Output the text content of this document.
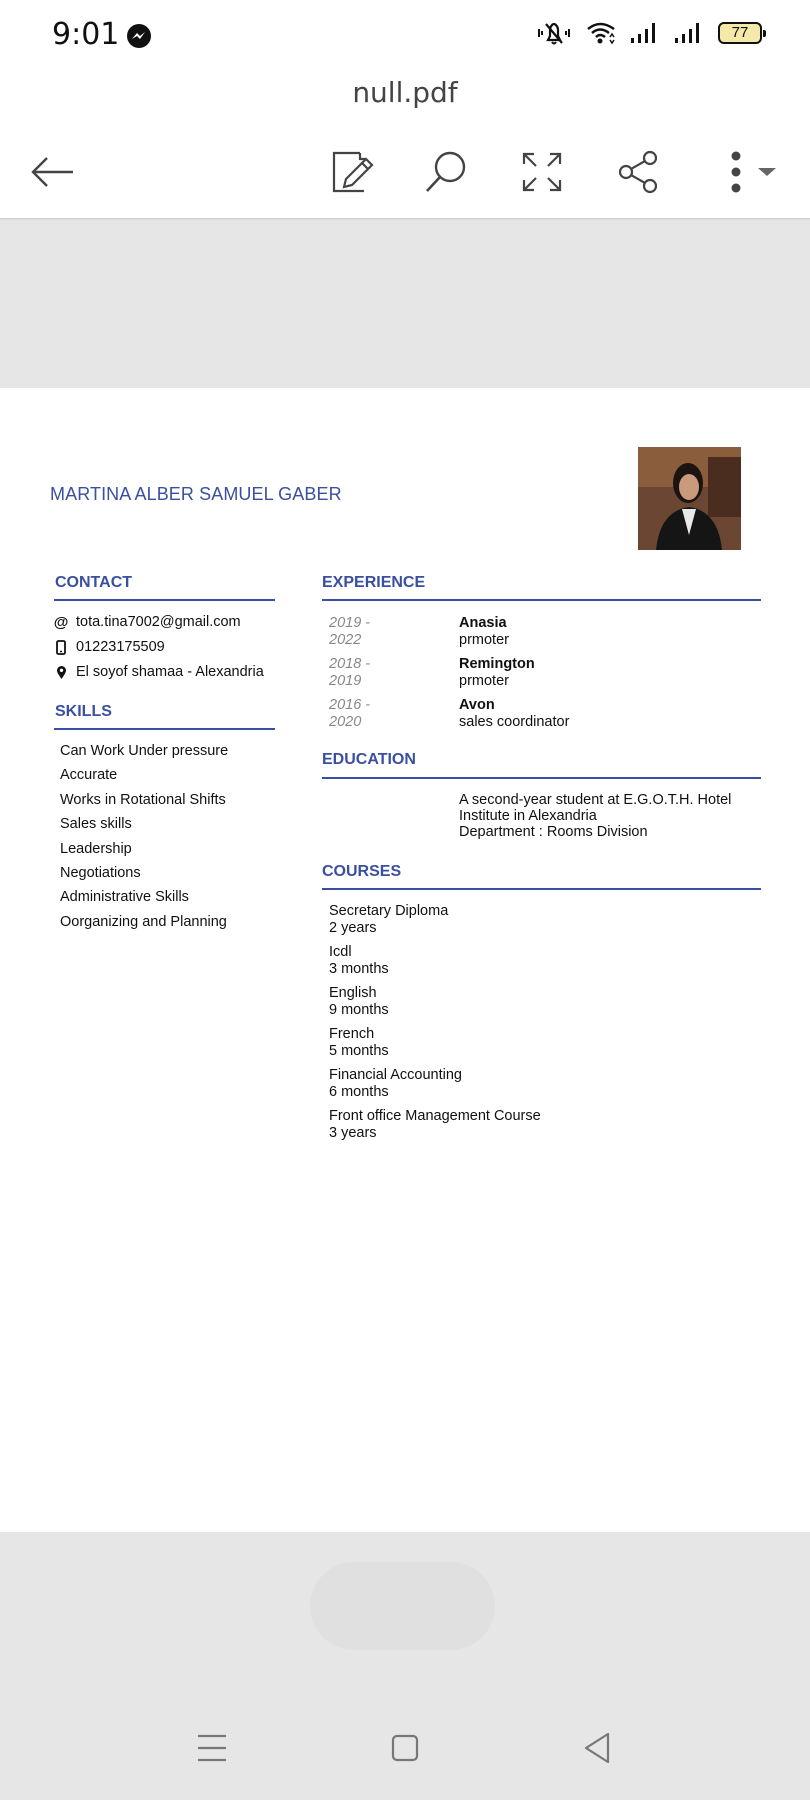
9:01	77
null.pdf
MARTINA ALBER SAMUEL GABER
CONTACT
@ tota.tina7002@gmail.com
01223175509
El soyof shamaa - Alexandria
SKILLS
Can Work Under pressure
Accurate
Works in Rotational Shifts
Sales skills
Leadership
Negotiations
Administrative Skills
Oorganizing and Planning
EXPERIENCE
2019 -
2022
Anasia
prmoter
2018 -
2019
Remington
prmoter
2016 -
2020
Avon
sales coordinator
EDUCATION
A second-year student at E.G.O.T.H. Hotel
Institute in Alexandria
Department : Rooms Division
COURSES
Secretary Diploma
2 years
Icdl
3 months
English
9 months
French
5 months
Financial Accounting
6 months
Front office Management Course
3 years
